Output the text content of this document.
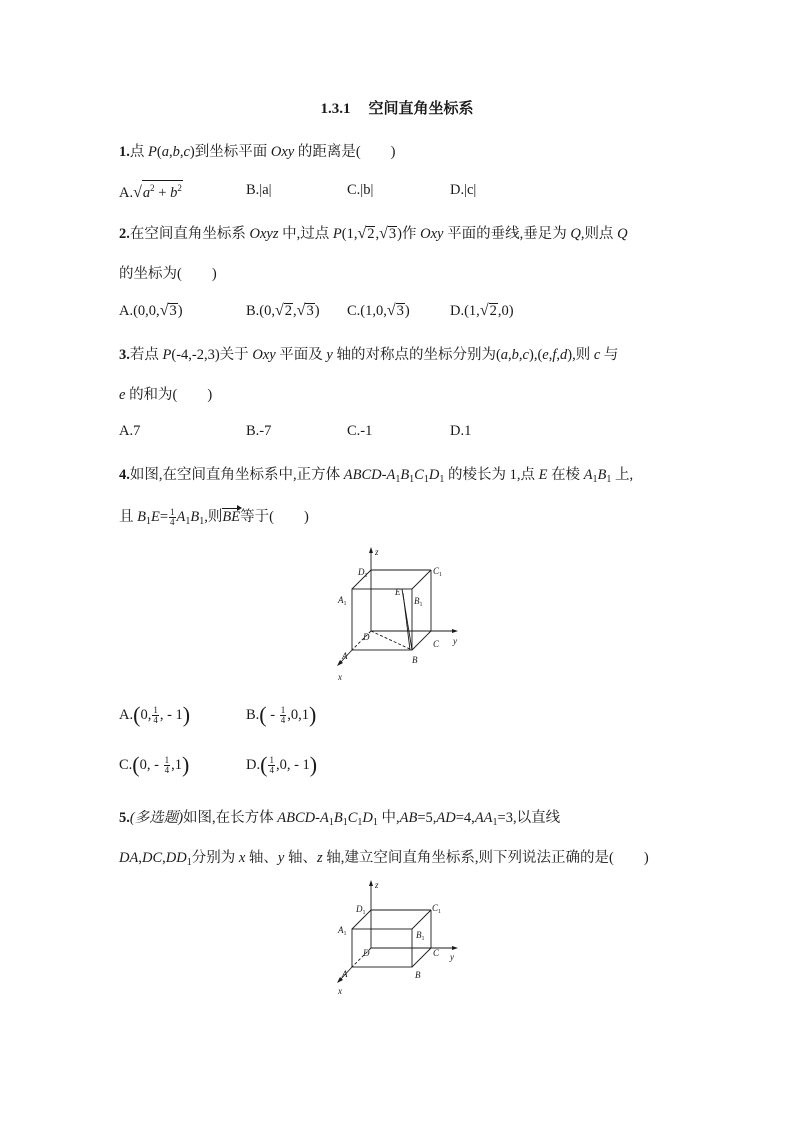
1.3.1 空间直角坐标系
1.点 P(a,b,c)到坐标平面 Oxy 的距离是( )
$A.√a^2 + b^2$	B.|a|	C.|b|	D.|c|
2.在空间直角坐标系 Oxyz 中,过点 P(1,√2,√3)作 Oxy 平面的垂线,垂足为 Q,则点 Q
的坐标为( )
A.(0,0,√3)	B.(0,√2,√3) C.(1,0,√3)	D.(1,√2,0)
3.若点 P(-4,-2,3)关于 Oxy 平面及 y 轴的对称点的坐标分别为(a,b,c),(e,f,d),则 c 与
e 的和为( )
A.7	B.-7	C.-1	D.1
4.如图,在空间直角坐标系中,正方体 ABCD-$A_1B_1C_1D_1$ 的棱长为 1,点 E 在棱 $A_1B_1$ 上,
且 $B_1E= \frac{1}{4} A_1B_1$,则BE等于( )
z
y
x
$D_1$	$C_1$
$A_1$	$B_1$
E
D
C
A	B
A.(0, $\frac{1}{4}$ , - 1)	$B.( - \frac{1}{4} ,0,1)$
C.(0, - $\frac{1}{4} ,1$)	$D.( \frac{1}{4} ,0$, - 1)
5.(多选题)如图,在长方体 ABCD-$A_1B_1C_1D_1$ 中$,AB=5,AD=4,AA_1=3$,以直线
$DA,DC,DD_1$分别为 x 轴、y 轴、z 轴,建立空间直角坐标系,则下列说法正确的是( )
z
y
x
$D_1$	$C_1$
$A_1$	$B_1$
D	C
A	B
